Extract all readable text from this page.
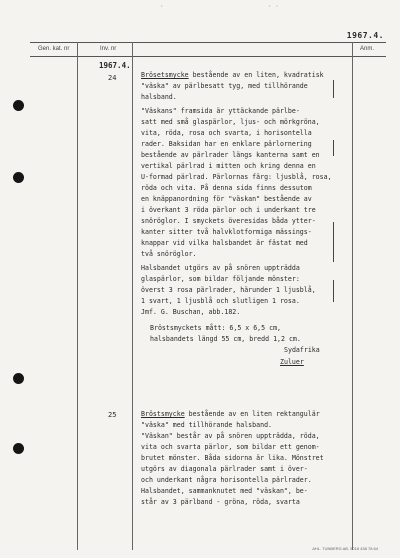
·	· ·
1967.4.
Gen. kat. nr	Inv. nr	Anm.
1967.4.
24	Brösetsmycke bestående av en liten, kvadratisk
"väska" av pärlbesatt tyg, med tillhörande
halsband.
"Väskans" framsida är yttäckande pärlbe-
satt med små glaspärlor, ljus- och mörkgröna,
vita, röda, rosa och svarta, i horisontella
rader. Baksidan har en enklare pärlornering
bestående av pärlrader längs kanterna samt en
vertikal pärlrad i mitten och kring denna en
U-formad pärlrad. Pärlornas färg: ljusblå, rosa,
röda och vita. På denna sida finns dessutom
en knäppanordning för "väskan" bestående av
i överkant 3 röda pärlor och i underkant tre
snöröglor. I smyckets överesidas båda ytter-
kanter sitter två halvklotformiga mässings-
knappar vid vilka halsbandet är fästat med
två snöröglor.
Halsbandet utgörs av på snören uppträdda
glaspärlor, som bildar följande mönster:
överst 3 rosa pärlrader, härunder 1 ljusblå,
1 svart, 1 ljusblå och slutligen 1 rosa.
Jmf. G. Buschan, abb.182.
Bröstsmyckets mått: 6,5 x 6,5 cm,
halsbandets längd 55 cm, bredd 1,2 cm.
Sydafrika
Zuluer
25	Bröstsmycke bestående av en liten rektangulär
"väska" med tillhörande halsband.
"Väskan" består av på snören uppträdda, röda,
vita och svarta pärlor, som bildar ett genom-
brutet mönster. Båda sidorna är lika. Mönstret
utgörs av diagonala pärlrader samt i över-
och underkant några horisontella pärlrader.
Halsbandet, sammanknutet med "väskan", be-
står av 3 pärlband - gröna, röda, svarta
AHL. TUNBERG AB. 5018 438 78 64
